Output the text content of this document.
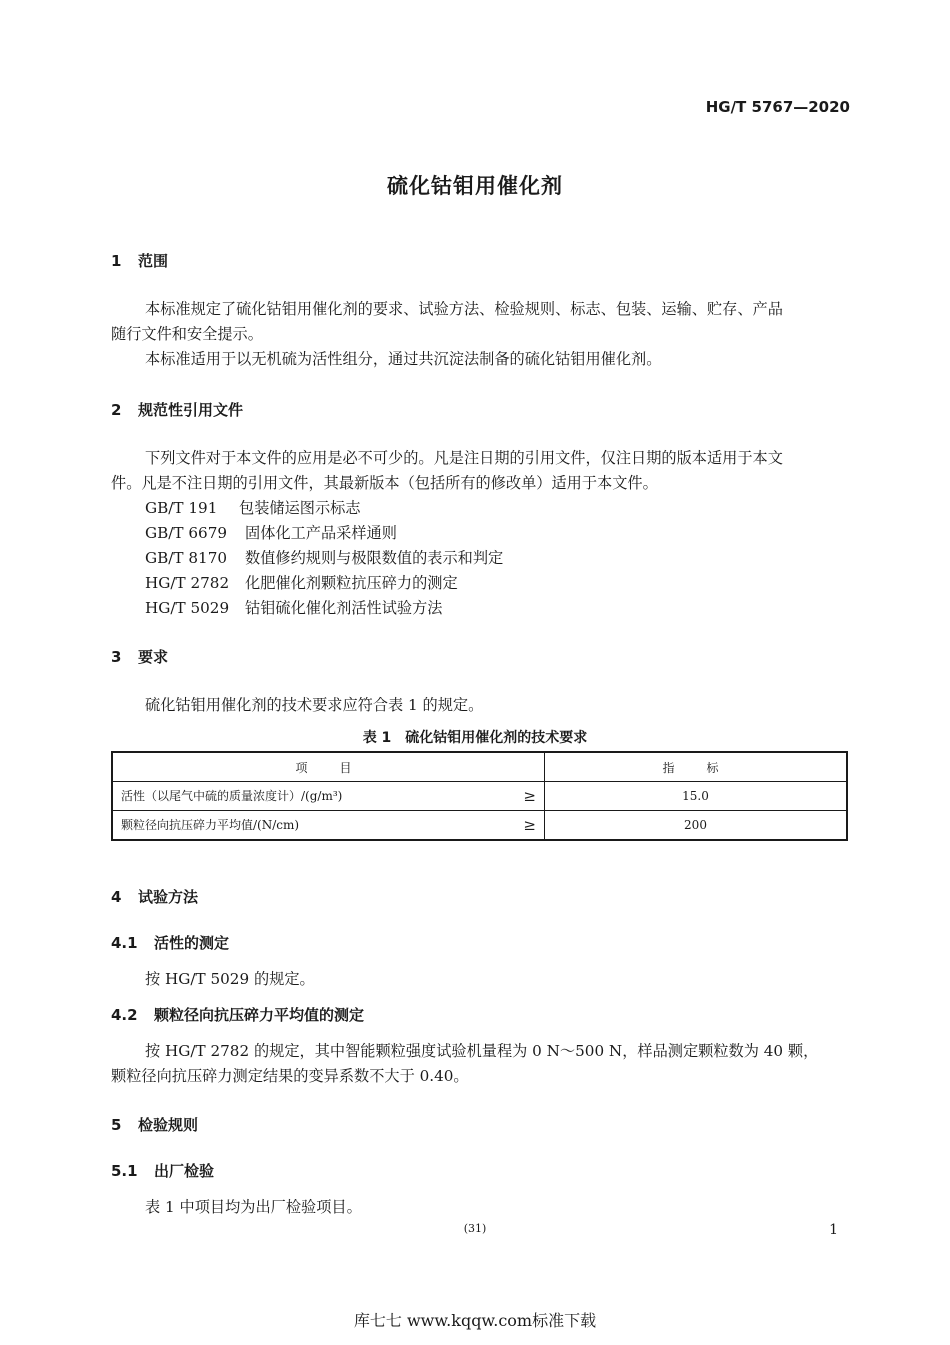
HG/T 5767—2020
硫化钴钼用催化剂
1 范围
本标准规定了硫化钴钼用催化剂的要求、试验方法、检验规则、标志、包装、运输、贮存、产品
随行文件和安全提示。
本标准适用于以无机硫为活性组分，通过共沉淀法制备的硫化钴钼用催化剂。
2 规范性引用文件
下列文件对于本文件的应用是必不可少的。凡是注日期的引用文件，仅注日期的版本适用于本文
件。凡是不注日期的引用文件，其最新版本（包括所有的修改单）适用于本文件。
GB/T 191 包装储运图示标志
GB/T 6679 固体化工产品采样通则
GB/T 8170 数值修约规则与极限数值的表示和判定
HG/T 2782 化肥催化剂颗粒抗压碎力的测定
HG/T 5029 钴钼硫化催化剂活性试验方法
3 要求
硫化钴钼用催化剂的技术要求应符合表 1 的规定。
表 1　硫化钴钼用催化剂的技术要求
项　目	指　标

活性（以尾气中硫的质量浓度计）/(g/m³) ≥	15.0

颗粒径向抗压碎力平均值/(N/cm) ≥	200
4 试验方法
4.1 活性的测定
按 HG/T 5029 的规定。
4.2 颗粒径向抗压碎力平均值的测定
按 HG/T 2782 的规定，其中智能颗粒强度试验机量程为 0 N～500 N，样品测定颗粒数为 40 颗，
颗粒径向抗压碎力测定结果的变异系数不大于 0.40。
5 检验规则
5.1 出厂检验
表 1 中项目均为出厂检验项目。
(31)	1
库七七 www.kqqw.com标准下载
